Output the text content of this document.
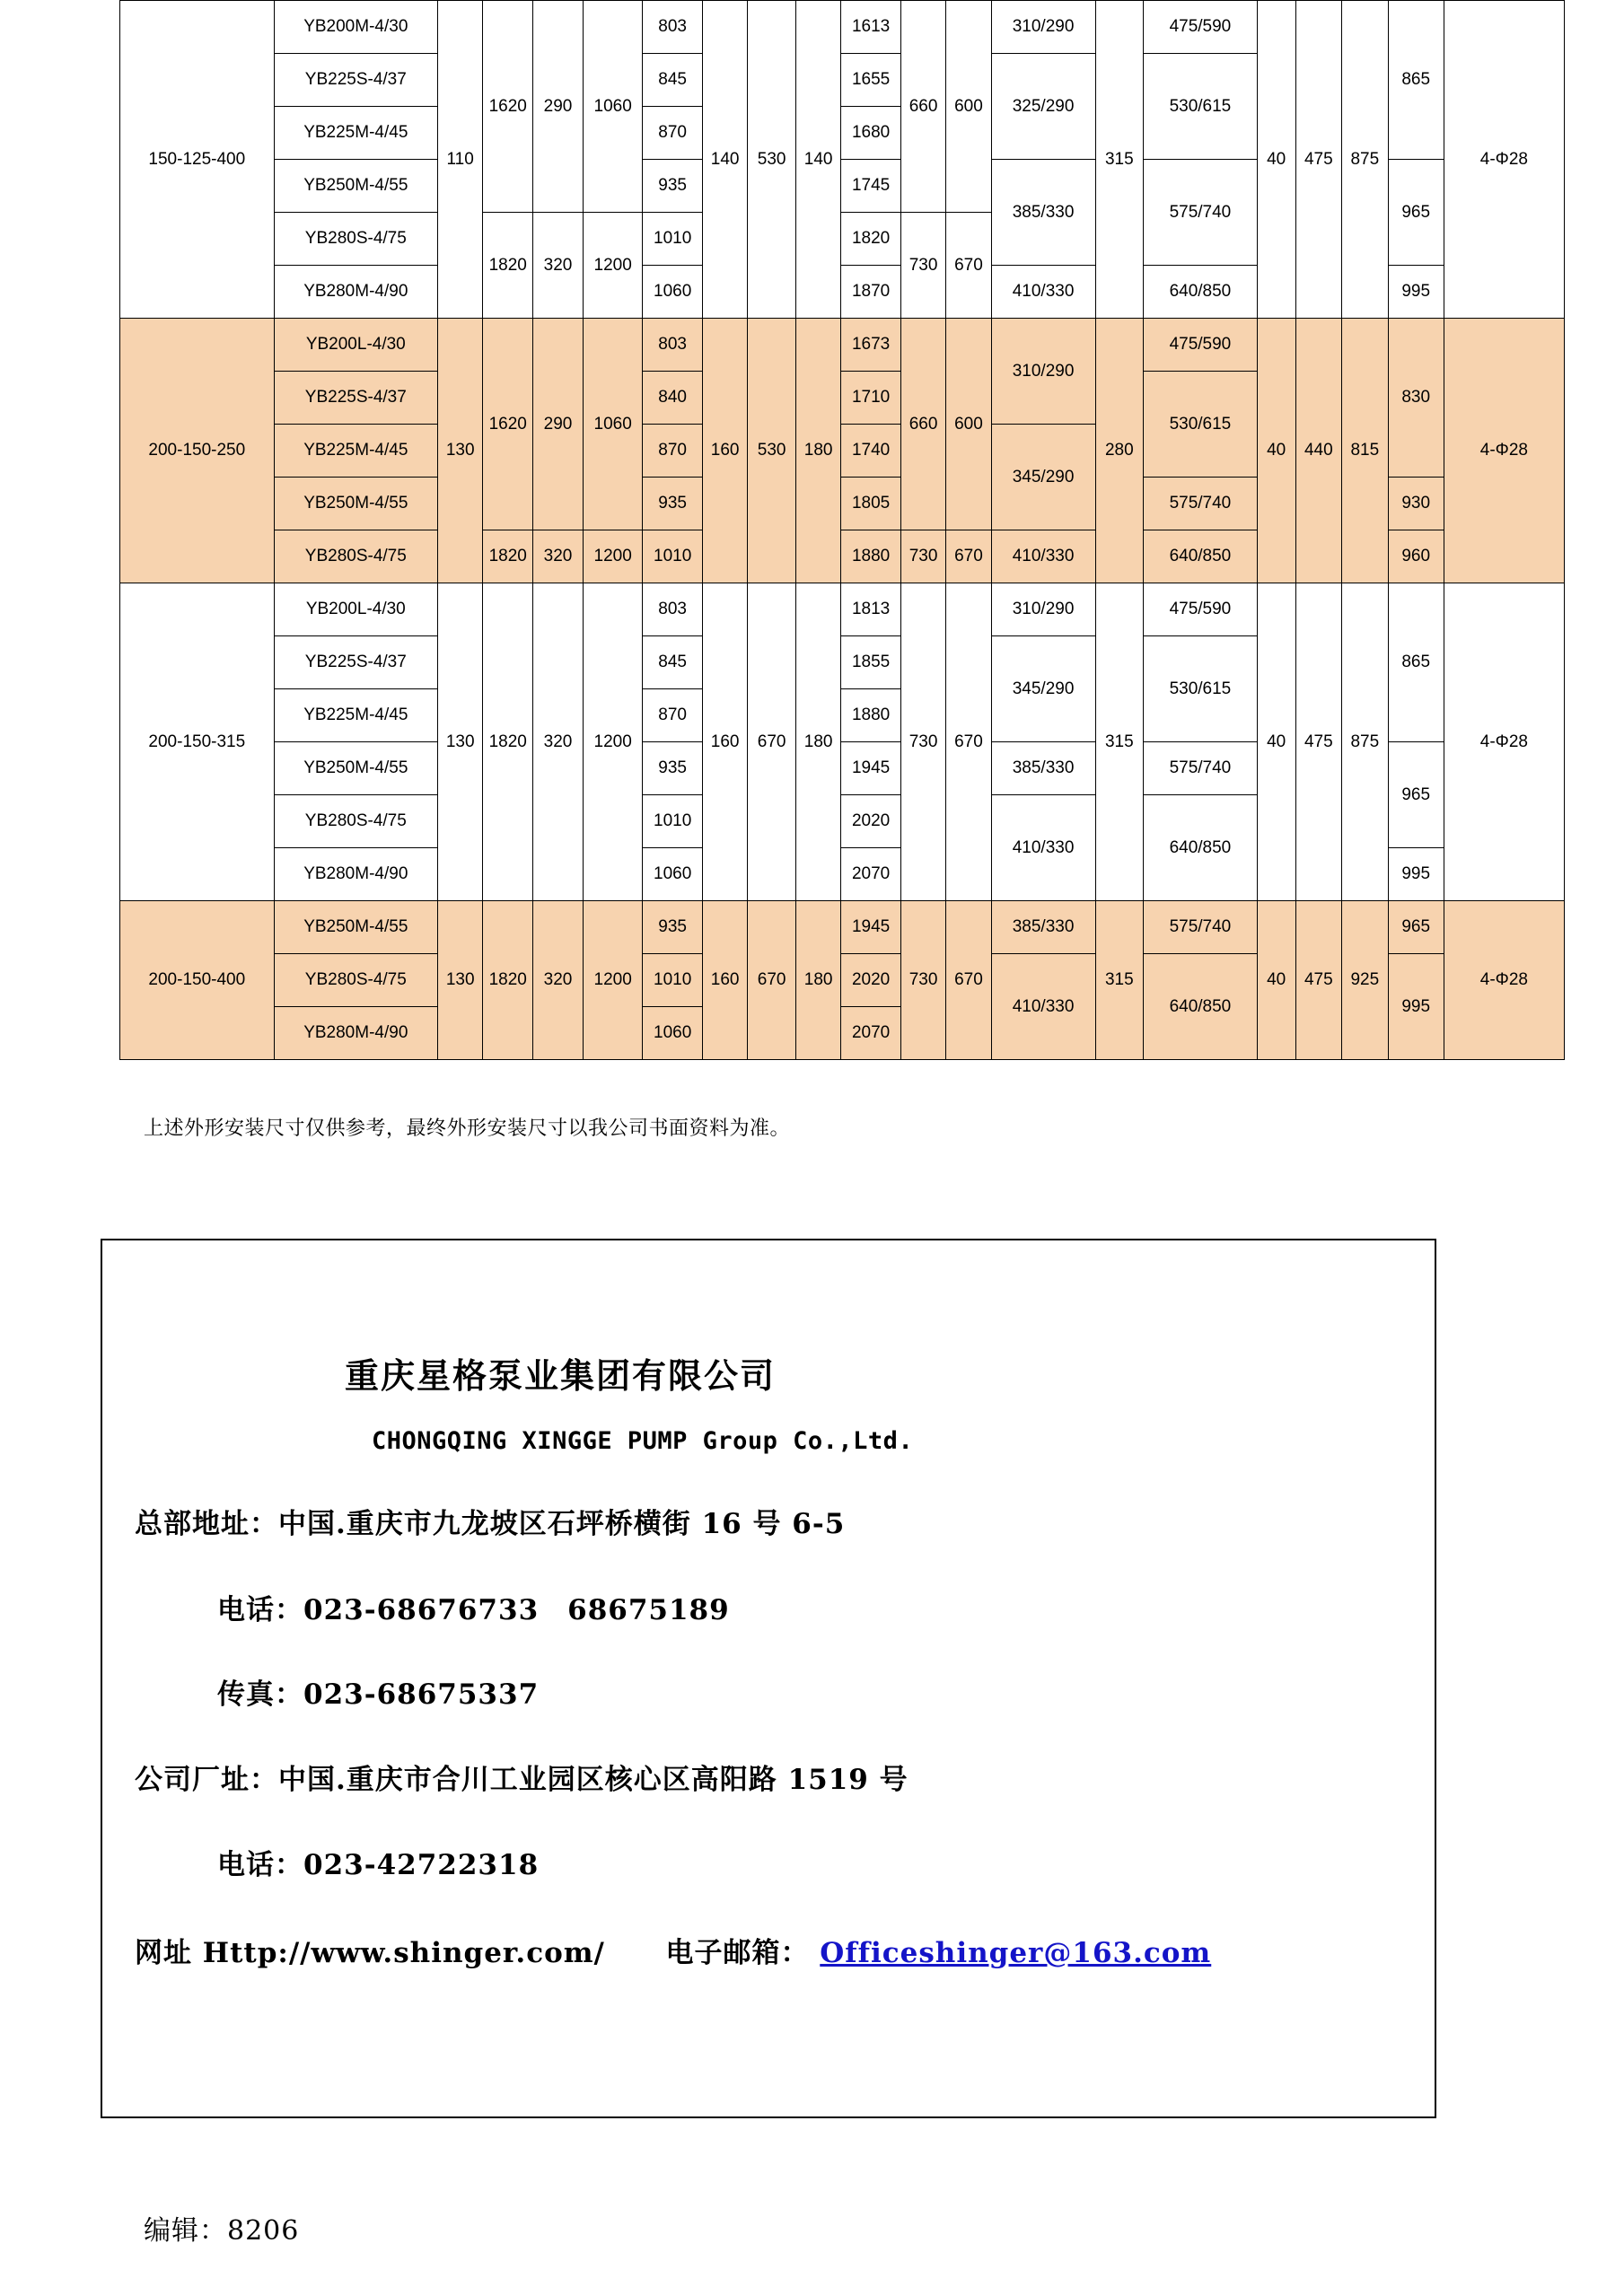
150-125-400	YB200M-4/30	110	1620	290	1060	803	140	530	140	1613	660	600	310/290	315	475/590	40	475	875	865	4-Φ28
	YB225S-4/37					845				1655			325/290		530/615					
	YB225M-4/45					870				1680										
	YB250M-4/55					935				1745			385/330		575/740				965	
	YB280S-4/75		1820	320	1200	1010				1820	730	670								
	YB280M-4/90					1060				1870			410/330		640/850				995	
200-150-250	YB200L-4/30	130	1620	290	1060	803	160	530	180	1673	660	600	310/290	280	475/590	40	440	815	830	4-Φ28
	YB225S-4/37					840				1710					530/615					
	YB225M-4/45					870				1740			345/290							
	YB250M-4/55					935				1805					575/740				930	
	YB280S-4/75		1820	320	1200	1010				1880	730	670	410/330		640/850				960	
200-150-315	YB200L-4/30	130	1820	320	1200	803	160	670	180	1813	730	670	310/290	315	475/590	40	475	875	865	4-Φ28
	YB225S-4/37					845				1855			345/290		530/615					
	YB225M-4/45					870				1880										
	YB250M-4/55					935				1945			385/330		575/740				965	
	YB280S-4/75					1010				2020			410/330		640/850					
	YB280M-4/90					1060				2070									995	
200-150-400	YB250M-4/55	130	1820	320	1200	935	160	670	180	1945	730	670	385/330	315	575/740	40	475	925	965	4-Φ28
	YB280S-4/75					1010				2020			410/330		640/850				995	
	YB280M-4/90					1060				2070										
上述外形安装尺寸仅供参考，最终外形安装尺寸以我公司书面资料为准。
重庆星格泵业集团有限公司
CHONGQING XINGGE PUMP Group Co.,Ltd.
总部地址：中国.重庆市九龙坡区石坪桥横街 16 号 6-5
电话：023-68676733　68675189
传真：023-68675337
公司厂址：中国.重庆市合川工业园区核心区高阳路 1519 号
电话：023-42722318
网址 Http://www.shinger.com/ 电子邮箱： Officeshinger@163.com
编辑：8206
